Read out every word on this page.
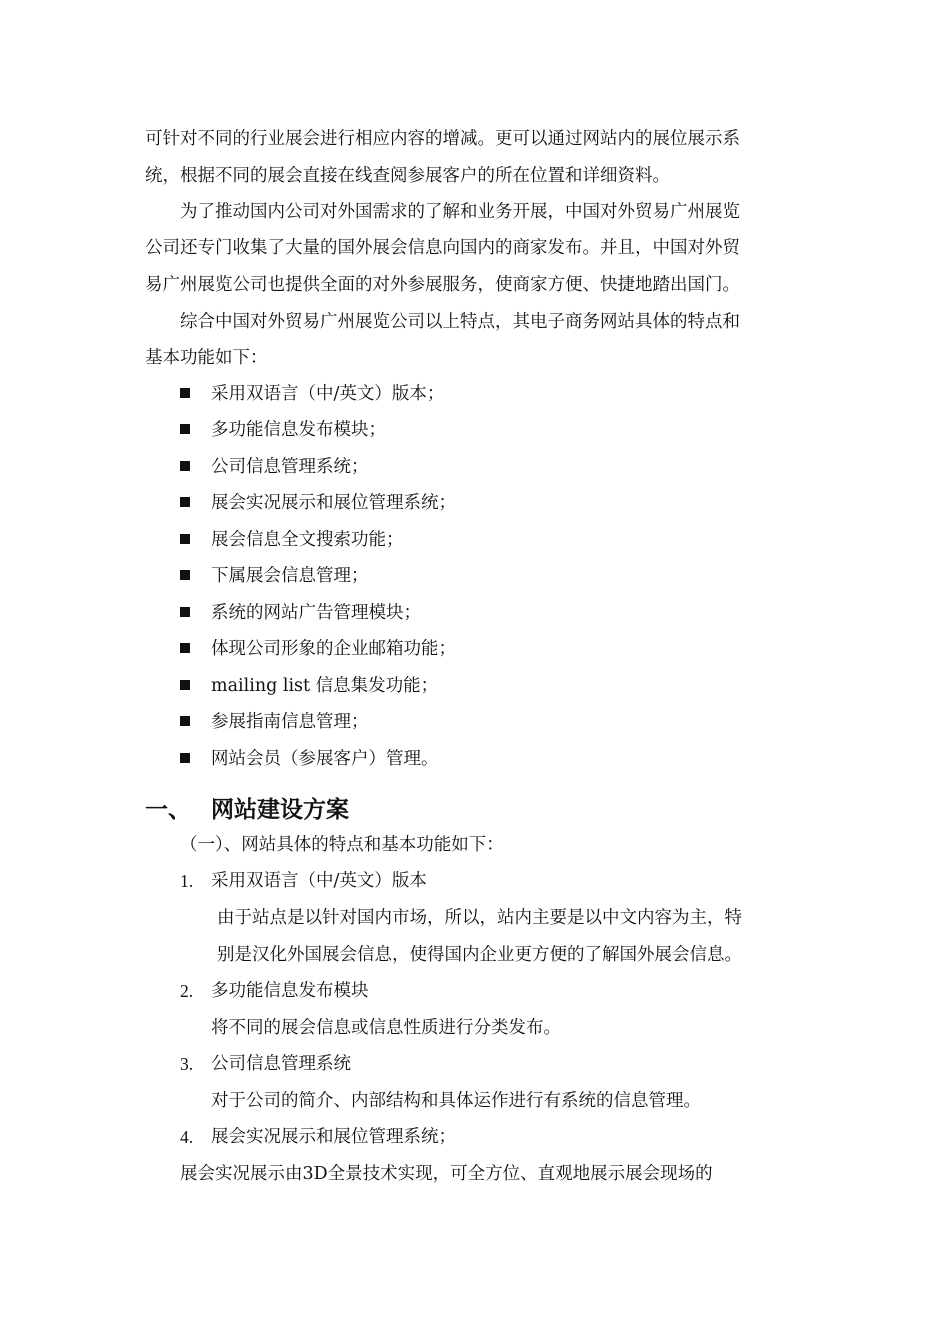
可针对不同的行业展会进行相应内容的增减。更可以通过网站内的展位展示系
统，根据不同的展会直接在线查阅参展客户的所在位置和详细资料。
为了推动国内公司对外国需求的了解和业务开展，中国对外贸易广州展览
公司还专门收集了大量的国外展会信息向国内的商家发布。并且，中国对外贸
易广州展览公司也提供全面的对外参展服务，使商家方便、快捷地踏出国门。
综合中国对外贸易广州展览公司以上特点，其电子商务网站具体的特点和
基本功能如下：
采用双语言（中/英文）版本；
多功能信息发布模块；
公司信息管理系统；
展会实况展示和展位管理系统；
展会信息全文搜索功能；
下属展会信息管理；
系统的网站广告管理模块；
体现公司形象的企业邮箱功能；
mailing list 信息集发功能；
参展指南信息管理；
网站会员（参展客户）管理。
一、 网站建设方案
（一）、网站具体的特点和基本功能如下：
1. 采用双语言（中/英文）版本
由于站点是以针对国内市场，所以，站内主要是以中文内容为主，特
别是汉化外国展会信息，使得国内企业更方便的了解国外展会信息。
2. 多功能信息发布模块
将不同的展会信息或信息性质进行分类发布。
3. 公司信息管理系统
对于公司的简介、内部结构和具体运作进行有系统的信息管理。
4. 展会实况展示和展位管理系统；
展会实况展示由3D全景技术实现，可全方位、直观地展示展会现场的
